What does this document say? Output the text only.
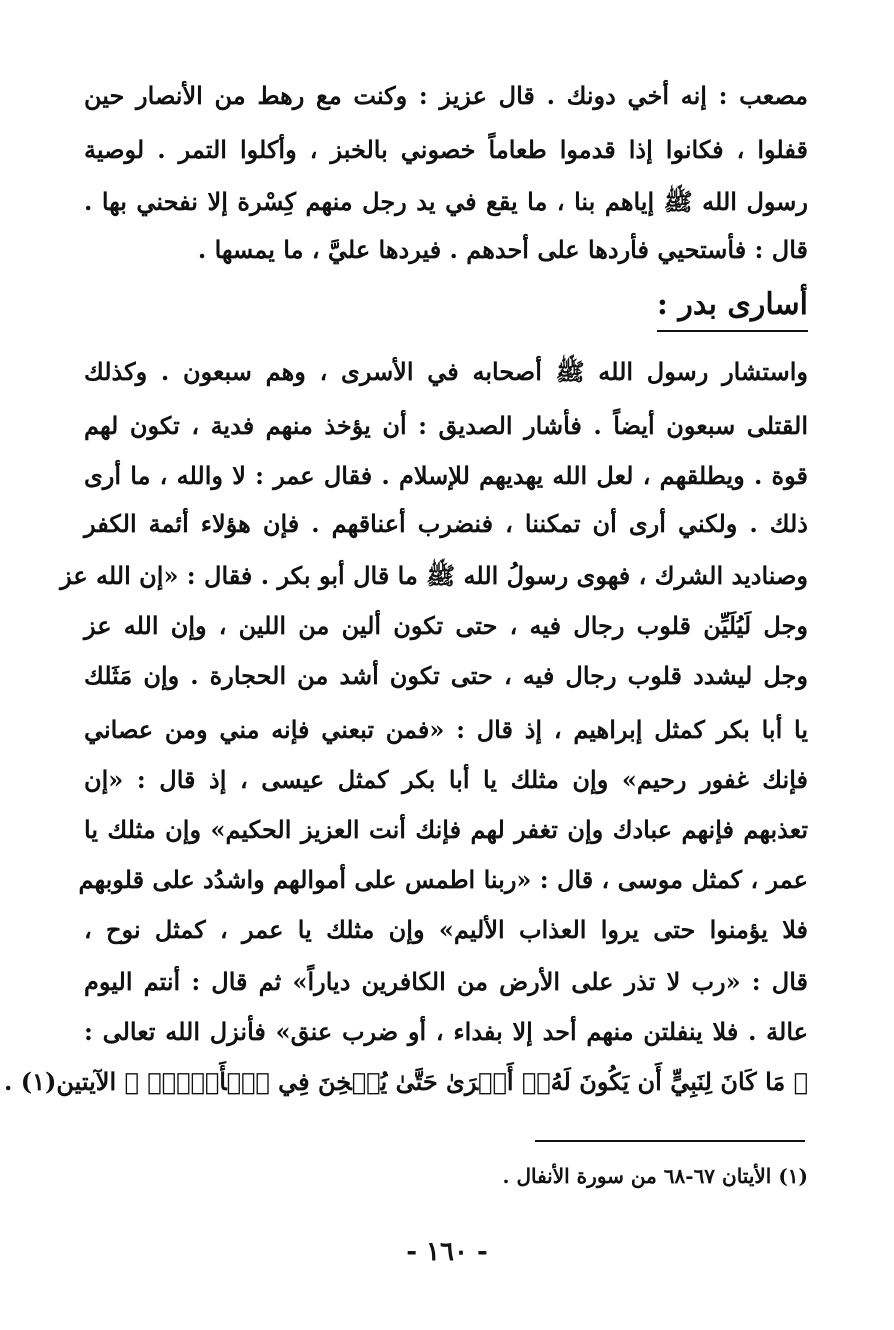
مصعب : إنه أخي دونك . قال عزيز : وكنت مع رهط من الأنصار حين
قفلوا ، فكانوا إذا قدموا طعاماً خصوني بالخبز ، وأكلوا التمر . لوصية
رسول الله ﷺ إياهم بنا ، ما يقع في يد رجل منهم كِسْرة إلا نفحني بها .
قال : فأستحيي فأردها على أحدهم . فيردها عليَّ ، ما يمسها .
أسارى بدر :
واستشار رسول الله ﷺ أصحابه في الأسرى ، وهم سبعون . وكذلك
القتلى سبعون أيضاً . فأشار الصديق : أن يؤخذ منهم فدية ، تكون لهم
قوة . ويطلقهم ، لعل الله يهديهم للإسلام . فقال عمر : لا والله ، ما أرى
ذلك . ولكني أرى أن تمكننا ، فنضرب أعناقهم . فإن هؤلاء أئمة الكفر
وصناديد الشرك ، فهوى رسولُ الله ﷺ ما قال أبو بكر . فقال : «إن الله عز
وجل لَيُلَيِّن قلوب رجال فيه ، حتى تكون ألين من اللين ، وإن الله عز
وجل ليشدد قلوب رجال فيه ، حتى تكون أشد من الحجارة . وإن مَثَلك
يا أبا بكر كمثل إبراهيم ، إذ قال : «فمن تبعني فإنه مني ومن عصاني
فإنك غفور رحيم» وإن مثلك يا أبا بكر كمثل عيسى ، إذ قال : «إن
تعذبهم فإنهم عبادك وإن تغفر لهم فإنك أنت العزيز الحكيم» وإن مثلك يا
عمر ، كمثل موسى ، قال : «ربنا اطمس على أموالهم واشدُد على قلوبهم
فلا يؤمنوا حتى يروا العذاب الأليم» وإن مثلك يا عمر ، كمثل نوح ،
قال : «رب لا تذر على الأرض من الكافرين دياراً» ثم قال : أنتم اليوم
عالة . فلا ينفلتن منهم أحد إلا بفداء ، أو ضرب عنق» فأنزل الله تعالى :
﴿ مَا كَانَ لِنَبِيٍّ أَن يَكُونَ لَهُۥٓ أَسۡرَىٰ حَتَّىٰ يُثۡخِنَ فِي ٱلۡأَرۡضِۚ ﴾ الآيتين(١) .
(١) الأيتان ٦٧-٦٨ من سورة الأنفال .
- ١٦٠ -
